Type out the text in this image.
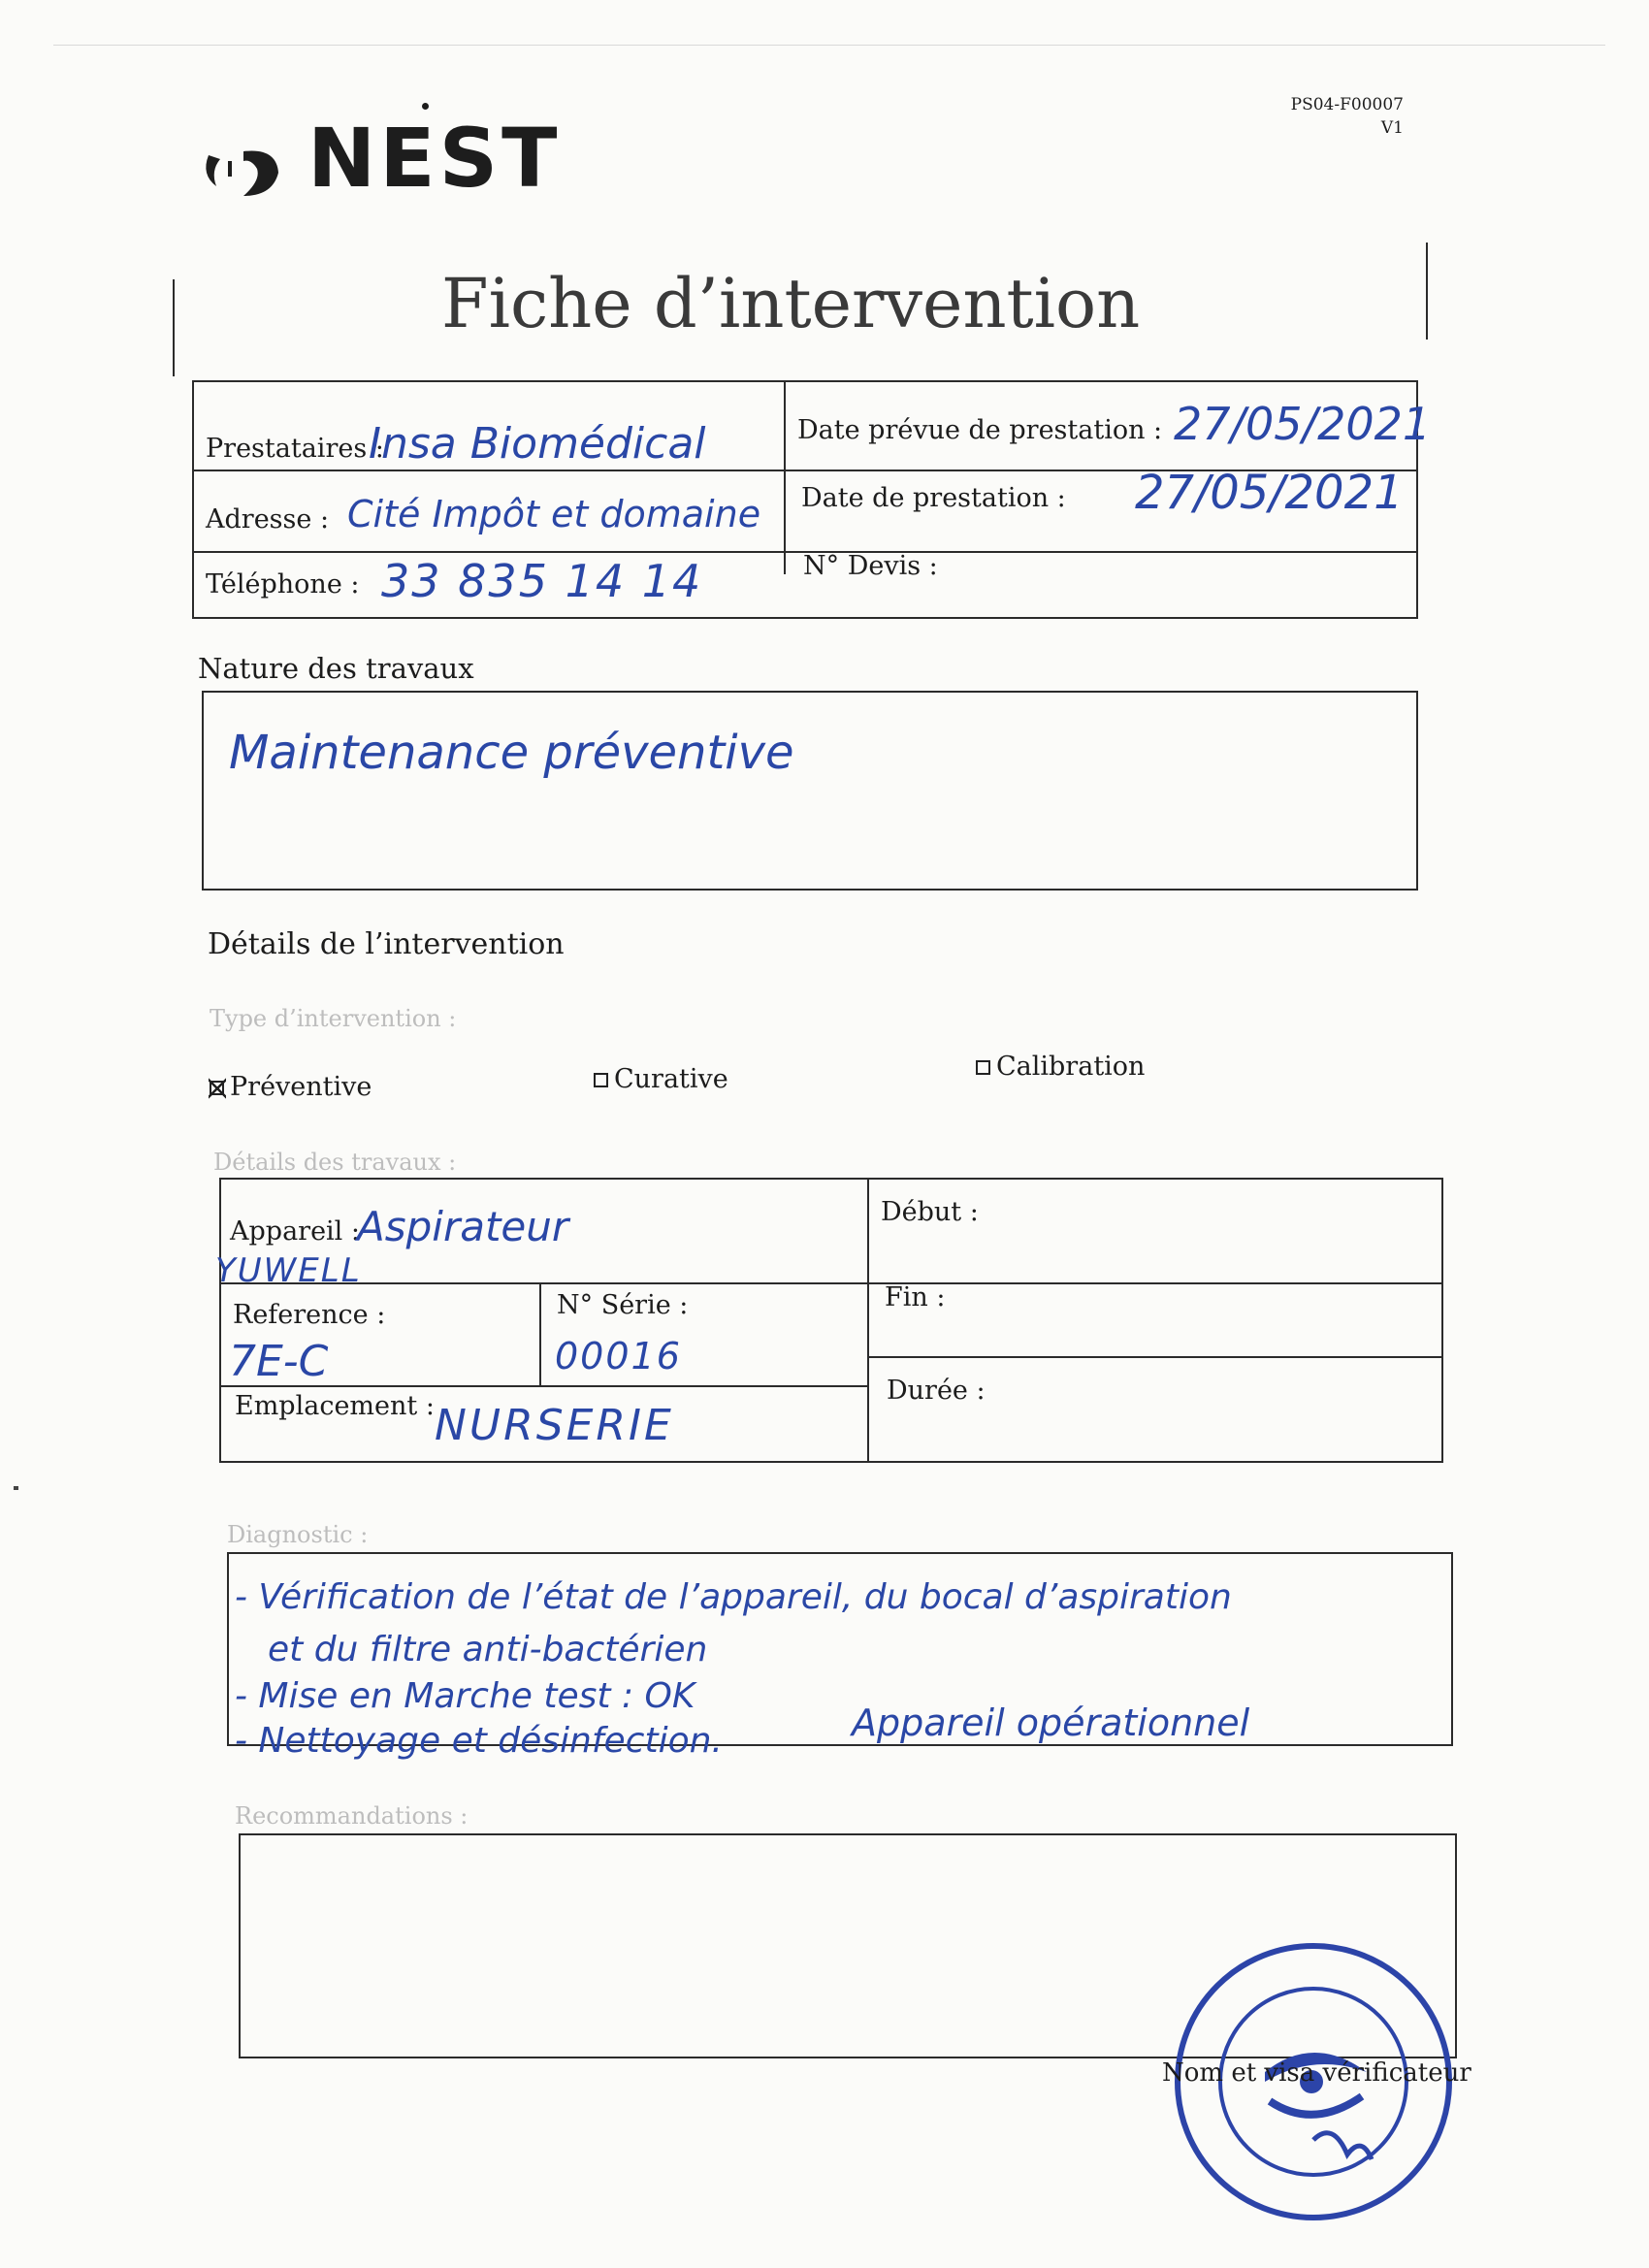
NEST
PS04-F00007
V1
Fiche d’intervention
Prestataires :
Insa Biomédical
Adresse : Cité Impôt et domaine
Téléphone : 33 835 14 14
Date prévue de prestation : 27/05/2021
Date de prestation : 27/05/2021
N° Devis :
Nature des travaux
Maintenance préventive
Détails de l’intervention
Type d’intervention :
Préventive	Curative	Calibration
Détails des travaux :
Appareil :
Aspirateur
YUWELL
Reference :
7E-C
N° Série :
00016
Emplacement : NURSERIE
Début :
Fin :
Durée :
Diagnostic :
- Vérification de l’état de l’appareil, du bocal d’aspiration
et du filtre anti-bactérien
- Mise en Marche test : OK
- Nettoyage et désinfection.	Appareil opérationnel
Recommandations :
Nom et visa vérificateur
